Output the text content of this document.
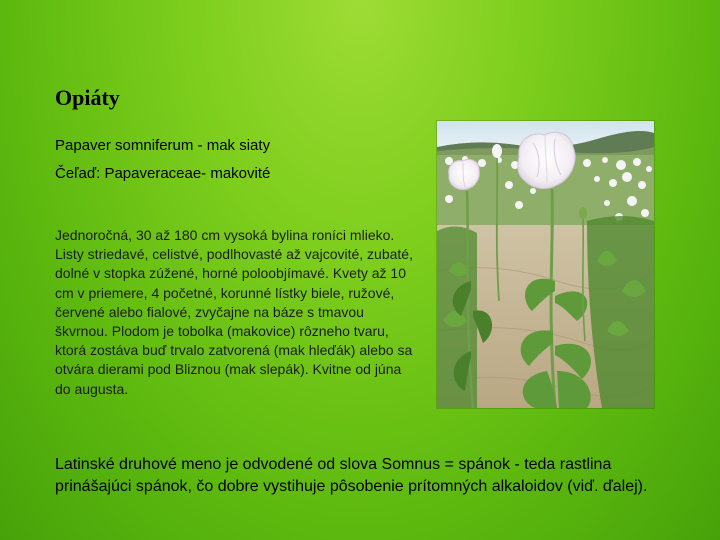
Opiáty
Papaver somniferum - mak siaty
Čeľaď: Papaveraceae- makovité

Jednoročná, 30 až 180 cm vysoká bylina roníci mlieko. Listy striedavé, celistvé, podlhovasté až vajcovité, zubaté, dolné v stopka zúžené, horné poloobjímavé. Kvety až 10 cm v priemere, 4 početné, korunné lístky biele, ružové, červené alebo fialové, zvyčajne na báze s tmavou škvrnou. Plodom je tobolka (makovice) rôzneho tvaru, ktorá zostáva buď trvalo zatvorená (mak hleďák) alebo sa otvára dierami pod Bliznou (mak slepák). Kvitne od júna do augusta.

Latinské druhové meno je odvodené od slova Somnus = spánok - teda rastlina prinášajúci spánok, čo dobre vystihuje pôsobenie prítomných alkaloidov (viď. ďalej).
